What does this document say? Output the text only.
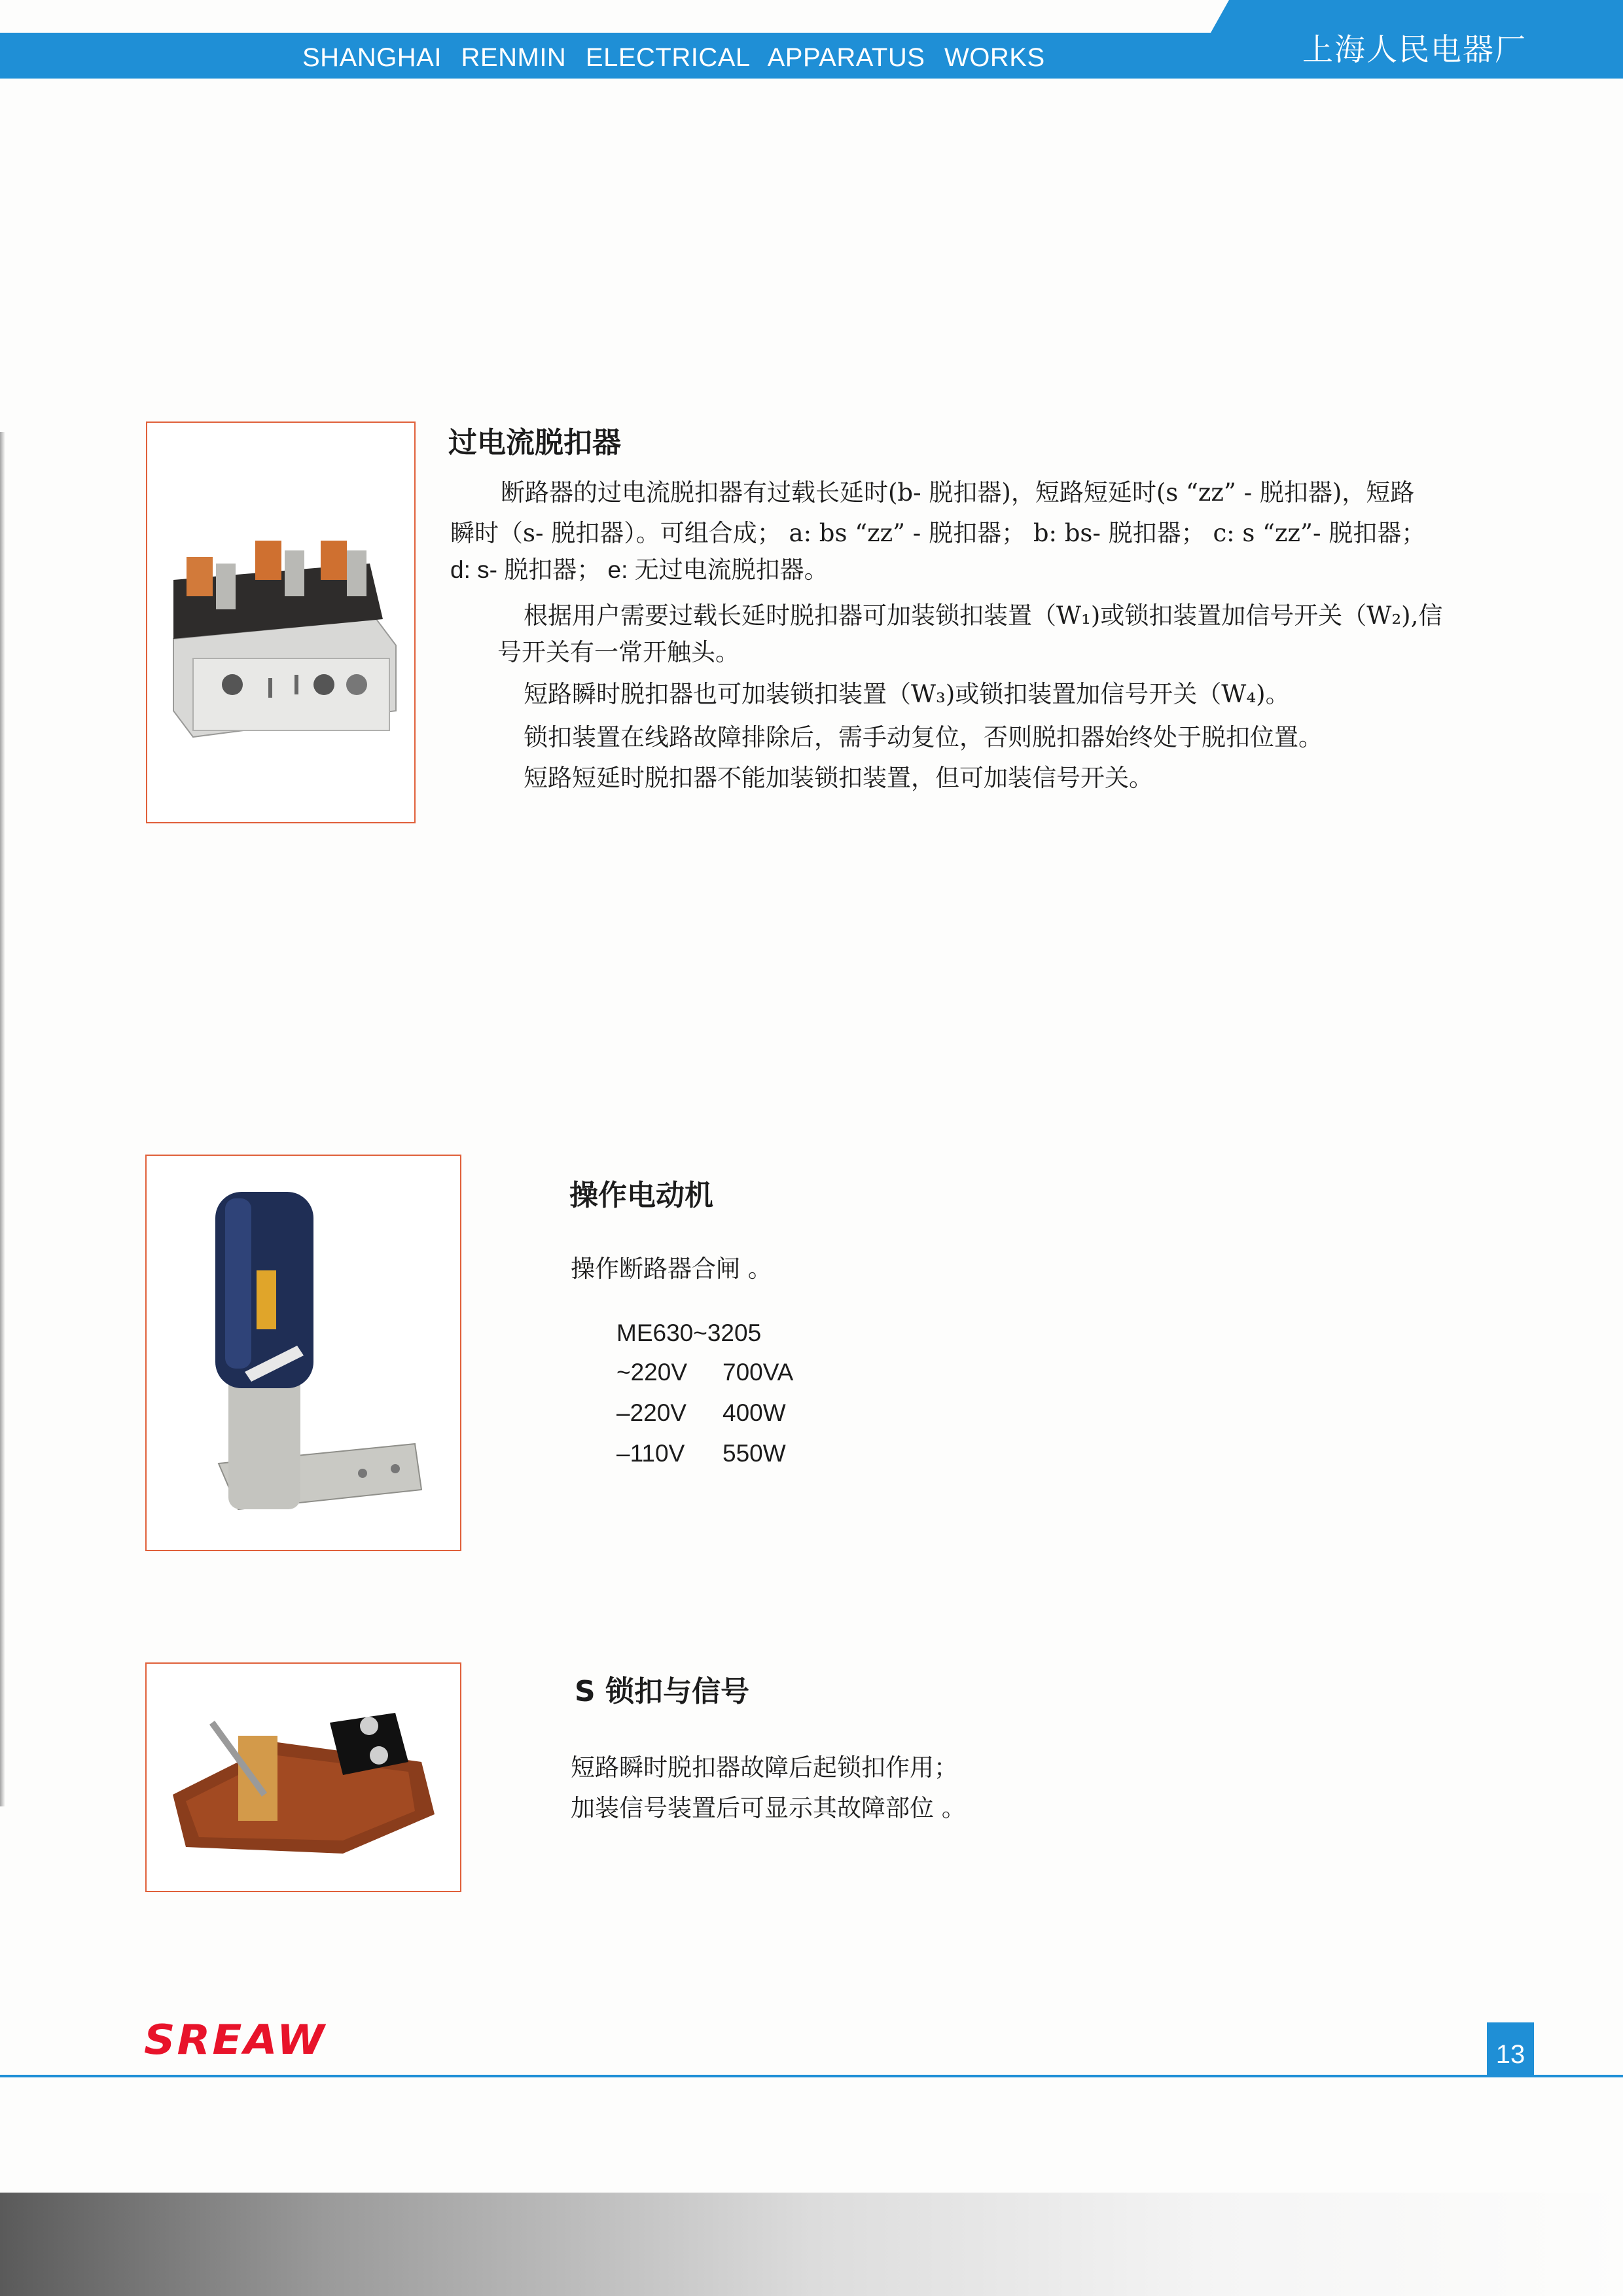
SHANGHAI RENMIN ELECTRICAL APPARATUS WORKS	上海人民电器厂
过电流脱扣器
断路器的过电流脱扣器有过载长延时(b- 脱扣器)，短路短延时(s “zz” - 脱扣器)，短路
瞬时（s- 脱扣器）。可组合成； a: bs “zz” - 脱扣器； b: bs- 脱扣器； c: s “zz”- 脱扣器；
d: s- 脱扣器； e: 无过电流脱扣器。
根据用户需要过载长延时脱扣器可加装锁扣装置（W₁)或锁扣装置加信号开关（W₂),信
号开关有一常开触头。
短路瞬时脱扣器也可加装锁扣装置（W₃)或锁扣装置加信号开关（W₄)。
锁扣装置在线路故障排除后，需手动复位，否则脱扣器始终处于脱扣位置。
短路短延时脱扣器不能加装锁扣装置，但可加装信号开关。
操作电动机
操作断路器合闸 。
ME630~3205
~220V 700VA
–220V 400W
–110V 550W
S 锁扣与信号
短路瞬时脱扣器故障后起锁扣作用；
加装信号装置后可显示其故障部位 。
SREAW	13
